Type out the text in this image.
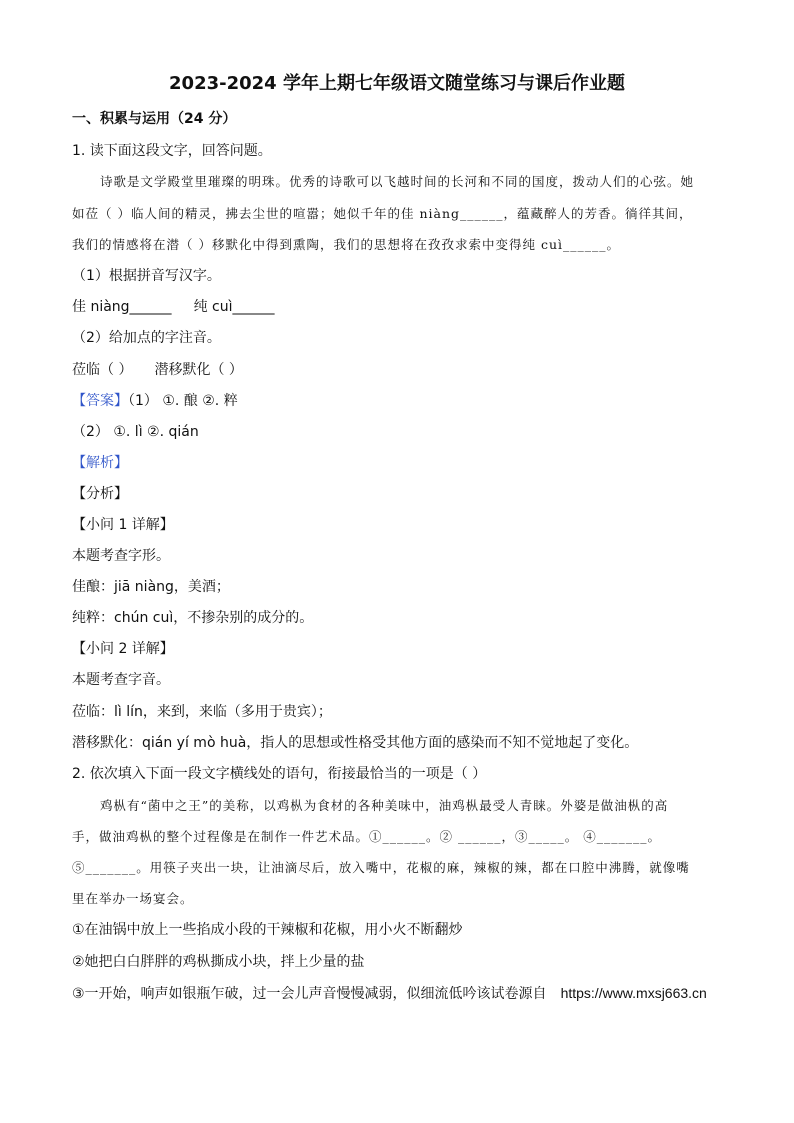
2023-2024 学年上期七年级语文随堂练习与课后作业题
一、积累与运用（24 分）
1. 读下面这段文字，回答问题。
诗歌是文学殿堂里璀璨的明珠。优秀的诗歌可以飞越时间的长河和不同的国度，拨动人们的心弦。她
如莅（ ）临人间的精灵，拂去尘世的喧嚣；她似千年的佳 niàng______，蕴藏醉人的芳香。徜徉其间，
我们的情感将在潜（ ）移默化中得到熏陶，我们的思想将在孜孜求索中变得纯 cuì______。
（1）根据拼音写汉字。
佳 niàng______ 纯 cuì______
（2）给加点的字注音。
莅临（ ） 潜移默化（ ）
【答案】（1） ①. 酿 ②. 粹
（2） ①. lì ②. qián
【解析】
【分析】
【小问 1 详解】
本题考查字形。
佳酿：jiā niàng，美酒；
纯粹：chún cuì，不掺杂别的成分的。
【小问 2 详解】
本题考查字音。
莅临：lì lín，来到，来临（多用于贵宾）；
潜移默化：qián yí mò huà，指人的思想或性格受其他方面的感染而不知不觉地起了变化。
2. 依次填入下面一段文字横线处的语句，衔接最恰当的一项是（ ）
鸡枞有“菌中之王”的美称，以鸡枞为食材的各种美味中，油鸡枞最受人青睐。外婆是做油枞的高
手，做油鸡枞的整个过程像是在制作一件艺术品。①______。② ______，③_____。 ④_______。
⑤_______。用筷子夹出一块，让油滴尽后，放入嘴中，花椒的麻，辣椒的辣，都在口腔中沸腾，就像嘴
里在举办一场宴会。
①在油锅中放上一些掐成小段的干辣椒和花椒，用小火不断翻炒
②她把白白胖胖的鸡枞撕成小块，拌上少量的盐
③一开始，响声如银瓶乍破，过一会儿声音慢慢减弱，似细流低吟该试卷源自 https://www.mxsj663.cn
